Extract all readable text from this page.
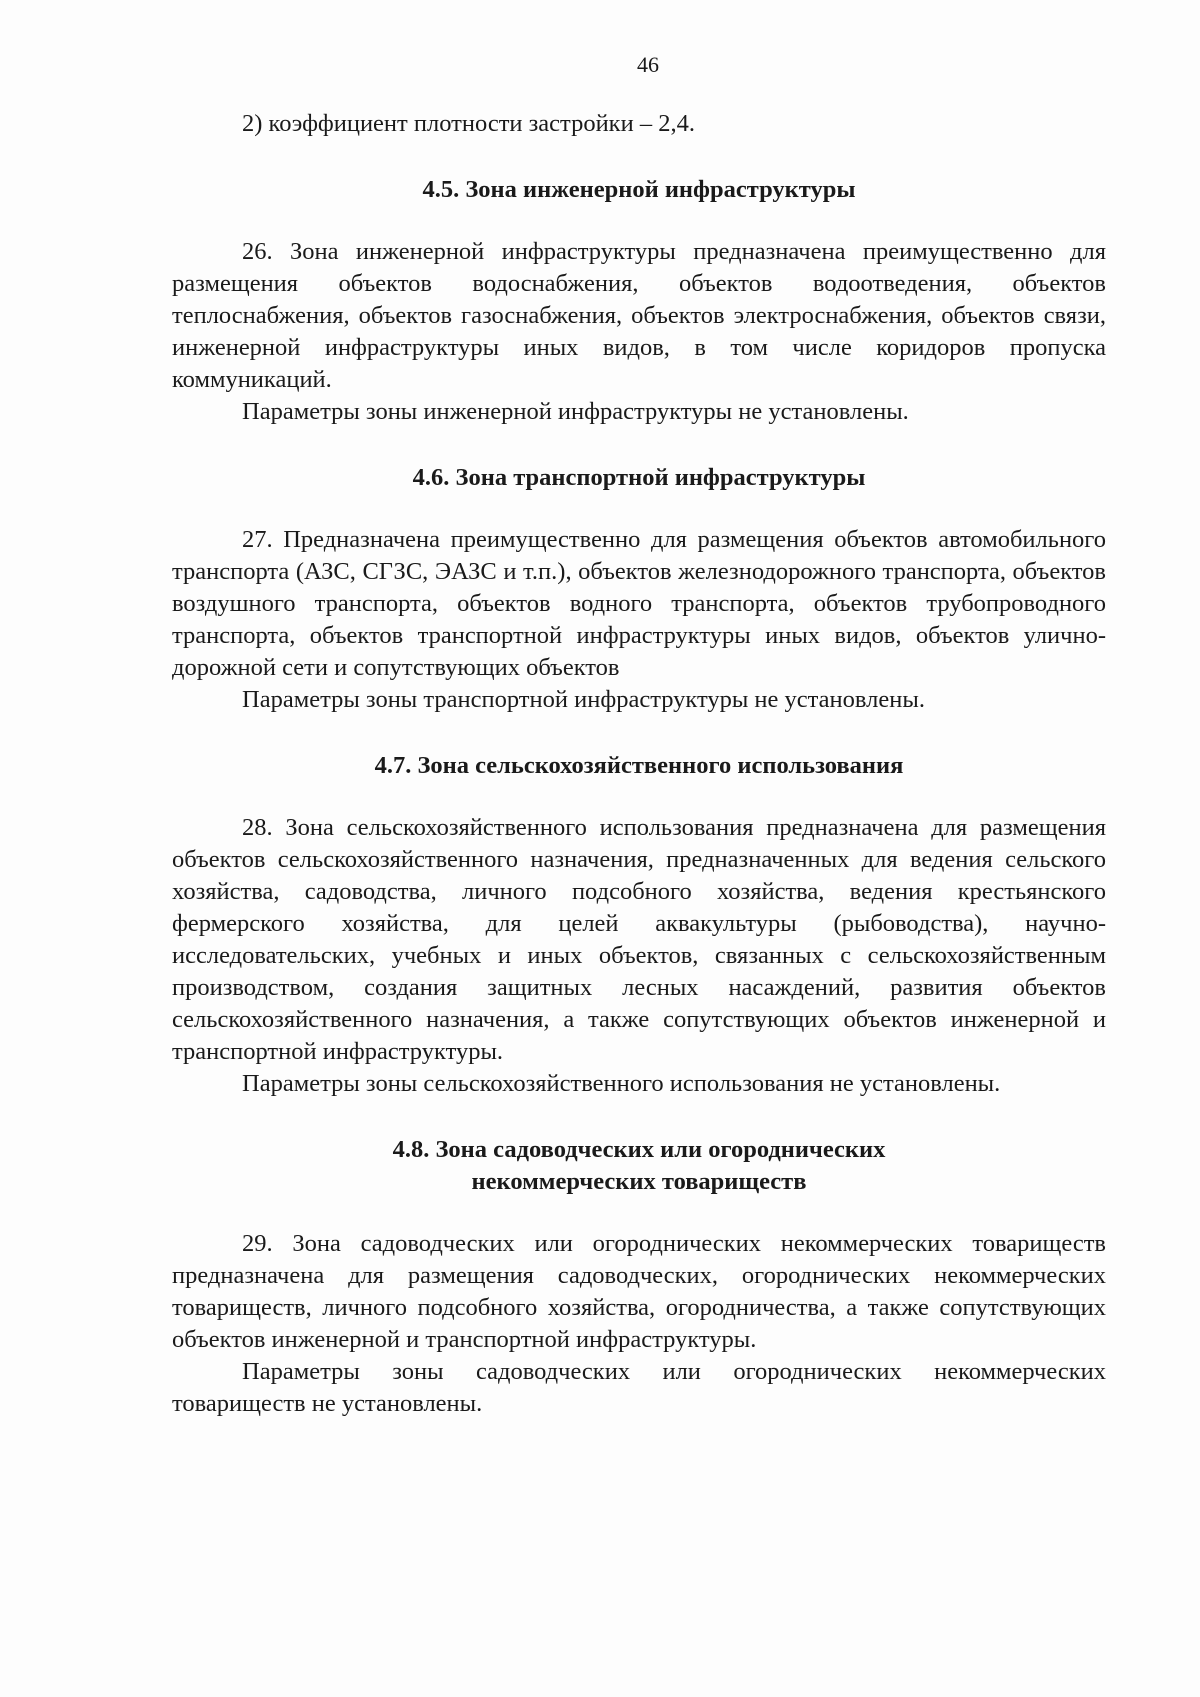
46

2) коэффициент плотности застройки – 2,4.

4.5. Зона инженерной инфраструктуры

26. Зона инженерной инфраструктуры предназначена преимущественно для размещения объектов водоснабжения, объектов водоотведения, объектов теплоснабжения, объектов газоснабжения, объектов электроснабжения, объектов связи, инженерной инфраструктуры иных видов, в том числе коридоров пропуска коммуникаций.

Параметры зоны инженерной инфраструктуры не установлены.

4.6. Зона транспортной инфраструктуры

27. Предназначена преимущественно для размещения объектов автомобильного транспорта (АЗС, СГЗС, ЭАЗС и т.п.), объектов железнодорожного транспорта, объектов воздушного транспорта, объектов водного транспорта, объектов трубопроводного транспорта, объектов транспортной инфраструктуры иных видов, объектов улично-дорожной сети и сопутствующих объектов

Параметры зоны транспортной инфраструктуры не установлены.

4.7. Зона сельскохозяйственного использования

28. Зона сельскохозяйственного использования предназначена для размещения объектов сельскохозяйственного назначения, предназначенных для ведения сельского хозяйства, садоводства, личного подсобного хозяйства, ведения крестьянского фермерского хозяйства, для целей аквакультуры (рыбоводства), научно-исследовательских, учебных и иных объектов, связанных с сельскохозяйственным производством, создания защитных лесных насаждений, развития объектов сельскохозяйственного назначения, а также сопутствующих объектов инженерной и транспортной инфраструктуры.

Параметры зоны сельскохозяйственного использования не установлены.

4.8. Зона садоводческих или огороднических
некоммерческих товариществ

29. Зона садоводческих или огороднических некоммерческих товариществ предназначена для размещения садоводческих, огороднических некоммерческих товариществ, личного подсобного хозяйства, огородничества, а также сопутствующих объектов инженерной и транспортной инфраструктуры.

Параметры зоны садоводческих или огороднических некоммерческих товариществ не установлены.
